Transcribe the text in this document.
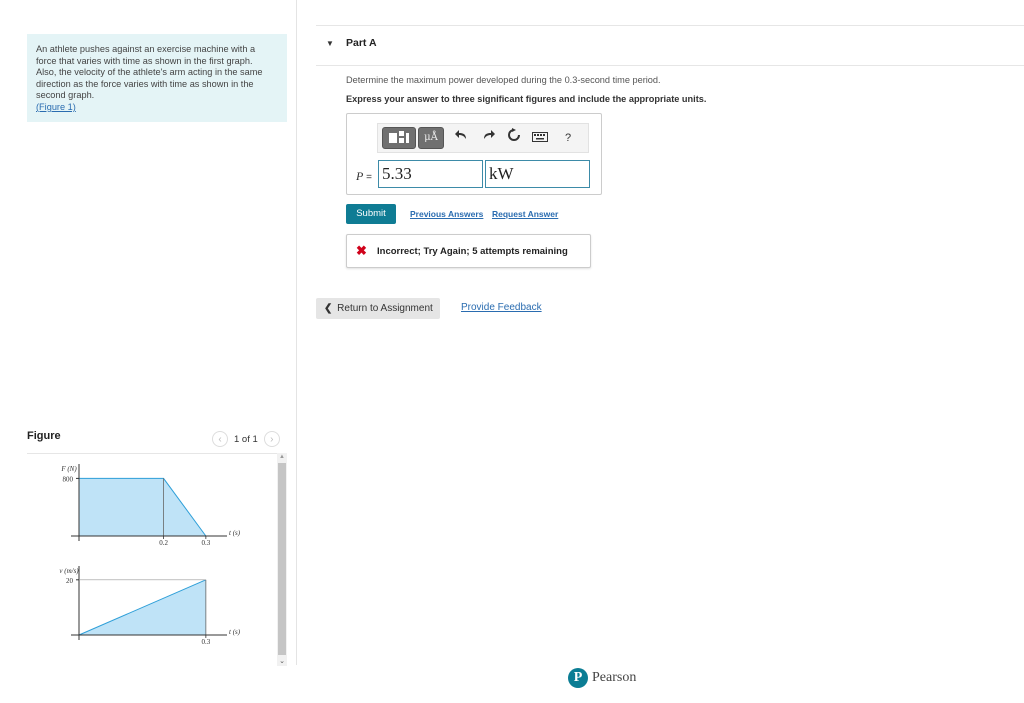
An athlete pushes against an exercise machine with a
force that varies with time as shown in the first graph.
Also, the velocity of the athlete's arm acting in the same
direction as the force varies with time as shown in the
second graph.
(Figure 1)
Figure	‹	1 of 1	›
800
0.2	0.3
F (N)
t (s)
20
0.3
v (m/s)
t (s)
▲
⌄
▼ Part A
Determine the maximum power developed during the 0.3-second time period.
Express your answer to three significant figures and include the appropriate units.
μÅ	?
P = 5.33	kW
Submit	Previous Answers Request Answer
✖ Incorrect; Try Again; 5 attempts remaining
❮ Return to Assignment	Provide Feedback
P Pearson
